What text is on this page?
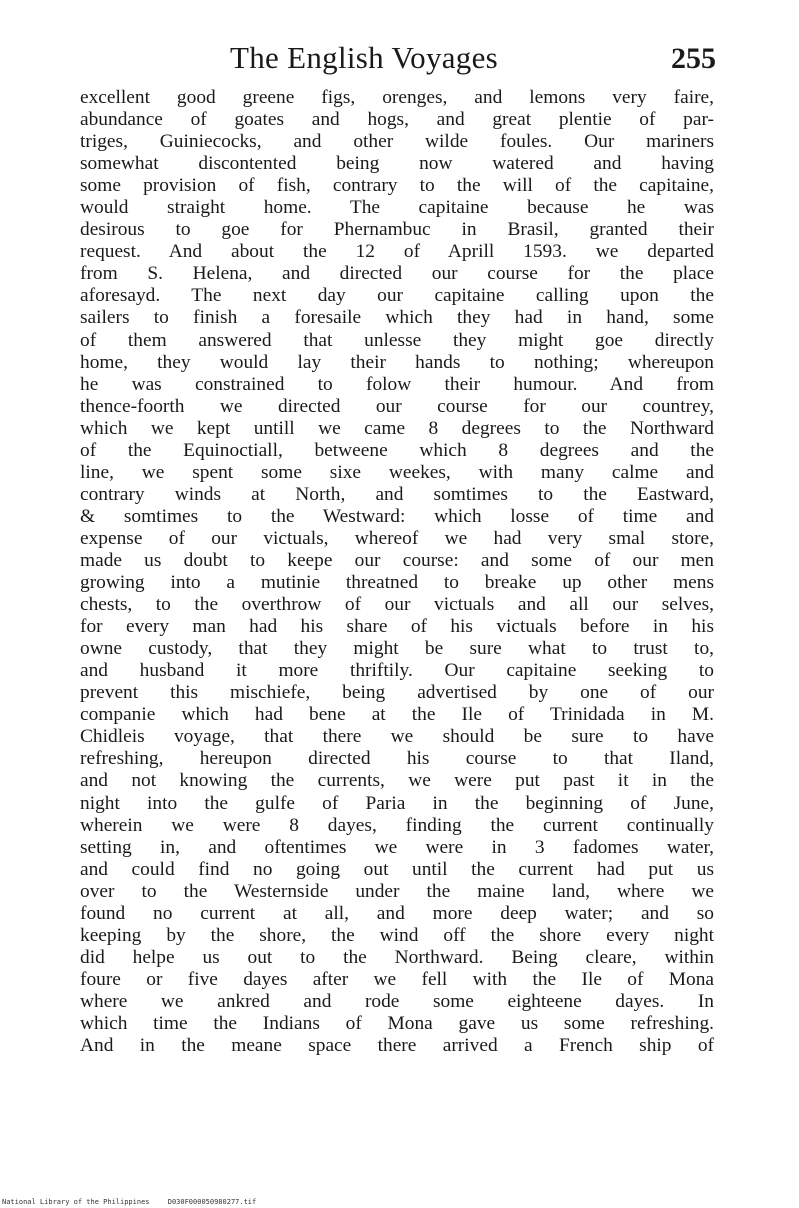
The English Voyages	255
excellent good greene figs, orenges, and lemons very faire,
abundance of goates and hogs, and great plentie of par-
triges, Guiniecocks, and other wilde foules. Our mariners
somewhat discontented being now watered and having
some provision of fish, contrary to the will of the capitaine,
would straight home. The capitaine because he was
desirous to goe for Phernambuc in Brasil, granted their
request. And about the 12 of Aprill 1593. we departed
from S. Helena, and directed our course for the place
aforesayd. The next day our capitaine calling upon the
sailers to finish a foresaile which they had in hand, some
of them answered that unlesse they might goe directly
home, they would lay their hands to nothing; whereupon
he was constrained to folow their humour. And from
thence-foorth we directed our course for our countrey,
which we kept untill we came 8 degrees to the Northward
of the Equinoctiall, betweene which 8 degrees and the
line, we spent some sixe weekes, with many calme and
contrary winds at North, and somtimes to the Eastward,
& somtimes to the Westward: which losse of time and
expense of our victuals, whereof we had very smal store,
made us doubt to keepe our course: and some of our men
growing into a mutinie threatned to breake up other mens
chests, to the overthrow of our victuals and all our selves,
for every man had his share of his victuals before in his
owne custody, that they might be sure what to trust to,
and husband it more thriftily. Our capitaine seeking to
prevent this mischiefe, being advertised by one of our
companie which had bene at the Ile of Trinidada in M.
Chidleis voyage, that there we should be sure to have
refreshing, hereupon directed his course to that Iland,
and not knowing the currents, we were put past it in the
night into the gulfe of Paria in the beginning of June,
wherein we were 8 dayes, finding the current continually
setting in, and oftentimes we were in 3 fadomes water,
and could find no going out until the current had put us
over to the Westernside under the maine land, where we
found no current at all, and more deep water; and so
keeping by the shore, the wind off the shore every night
did helpe us out to the Northward. Being cleare, within
foure or five dayes after we fell with the Ile of Mona
where we ankred and rode some eighteene dayes. In
which time the Indians of Mona gave us some refreshing.
And in the meane space there arrived a French ship of
National Library of the Philippines	D030F000050980277.tif
